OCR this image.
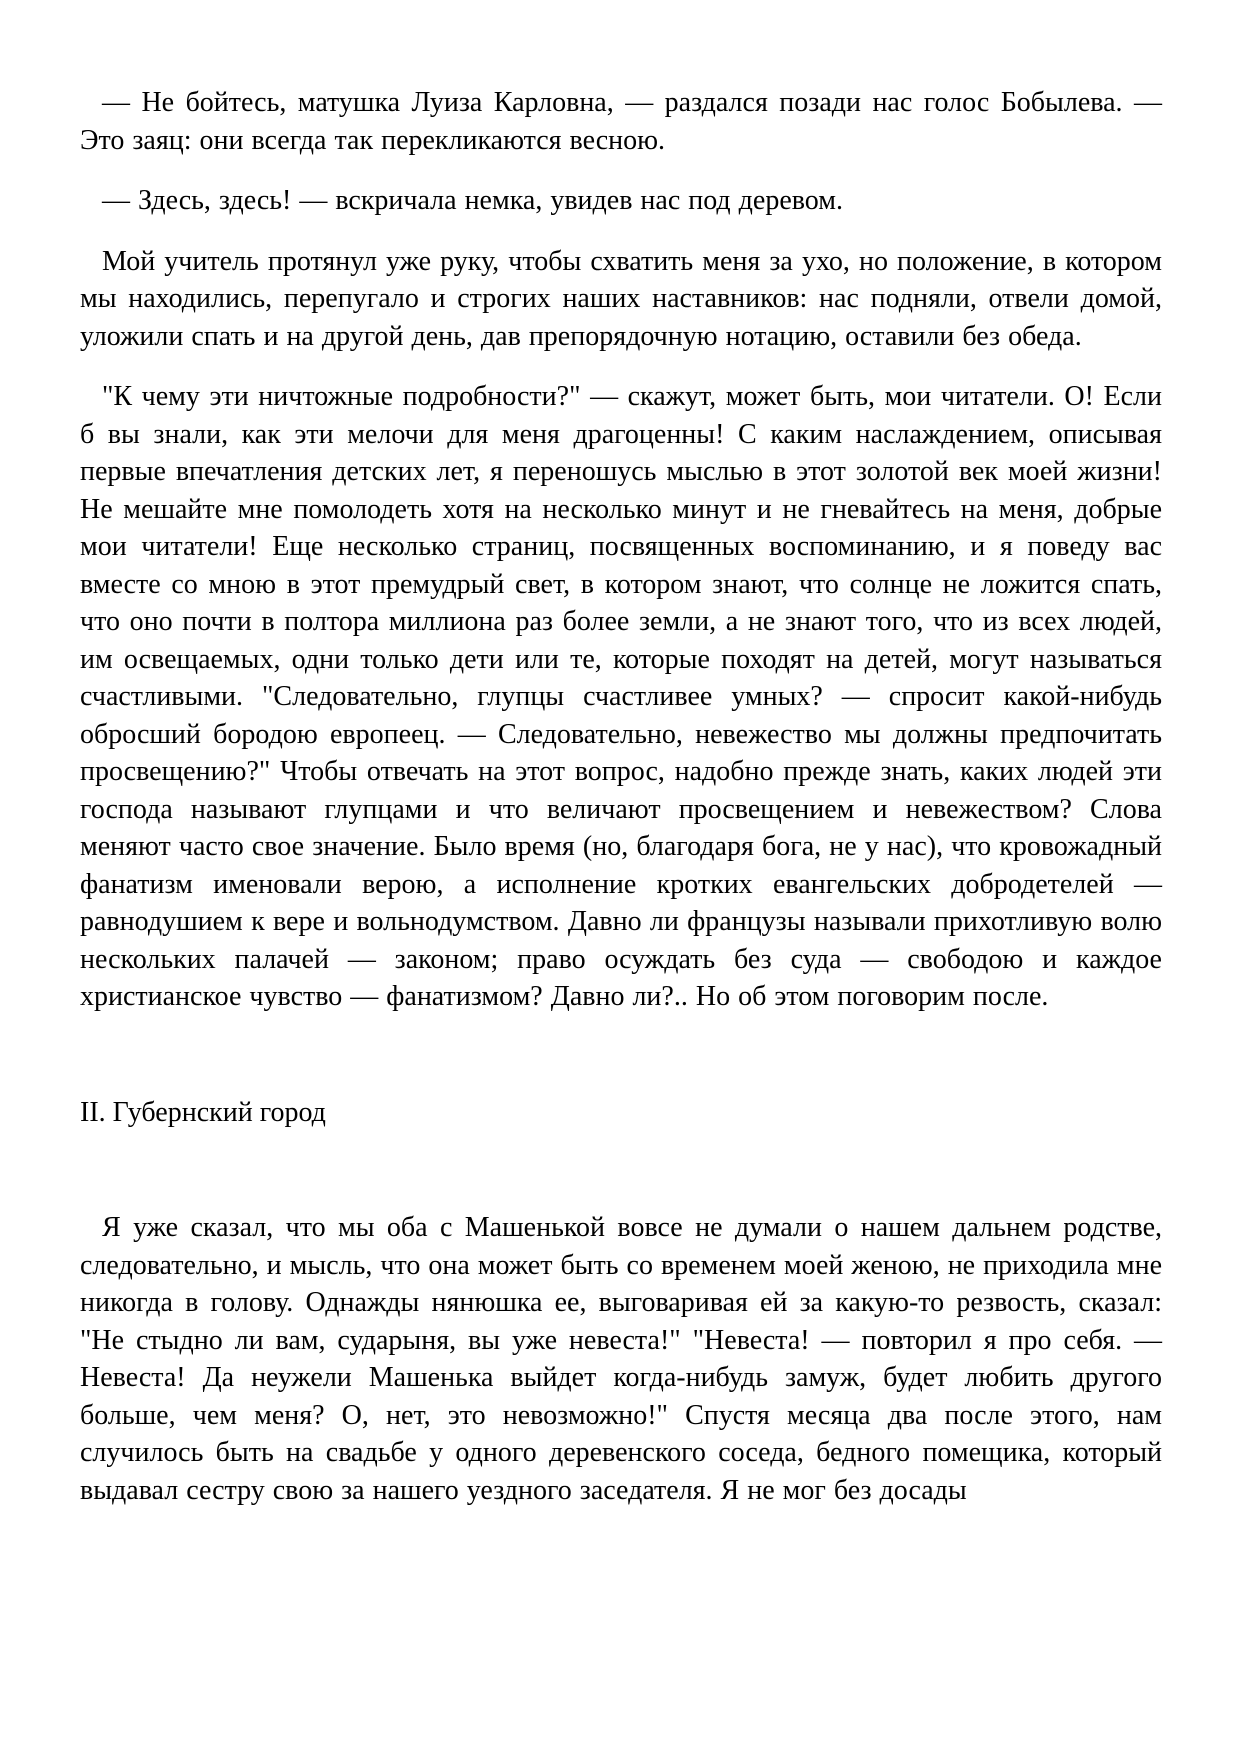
— Не бойтесь, матушка Луиза Карловна, — раздался позади нас голос Бобылева. — Это заяц: они всегда так перекликаются весною.

— Здесь, здесь! — вскричала немка, увидев нас под деревом.

Мой учитель протянул уже руку, чтобы схватить меня за ухо, но положение, в котором мы находились, перепугало и строгих наших наставников: нас подняли, отвели домой, уложили спать и на другой день, дав препорядочную нотацию, оставили без обеда.

"К чему эти ничтожные подробности?" — скажут, может быть, мои читатели. О! Если б вы знали, как эти мелочи для меня драгоценны! С каким наслаждением, описывая первые впечатления детских лет, я переношусь мыслью в этот золотой век моей жизни! Не мешайте мне помолодеть хотя на несколько минут и не гневайтесь на меня, добрые мои читатели! Еще несколько страниц, посвященных воспоминанию, и я поведу вас вместе со мною в этот премудрый свет, в котором знают, что солнце не ложится спать, что оно почти в полтора миллиона раз более земли, а не знают того, что из всех людей, им освещаемых, одни только дети или те, которые походят на детей, могут называться счастливыми. "Следовательно, глупцы счастливее умных? — спросит какой-нибудь обросший бородою европеец. — Следовательно, невежество мы должны предпочитать просвещению?" Чтобы отвечать на этот вопрос, надобно прежде знать, каких людей эти господа называют глупцами и что величают просвещением и невежеством? Слова меняют часто свое значение. Было время (но, благодаря бога, не у нас), что кровожадный фанатизм именовали верою, а исполнение кротких евангельских добродетелей — равнодушием к вере и вольнодумством. Давно ли французы называли прихотливую волю нескольких палачей — законом; право осуждать без суда — свободою и каждое христианское чувство — фанатизмом? Давно ли?.. Но об этом поговорим после.

II. Губернский город

Я уже сказал, что мы оба с Машенькой вовсе не думали о нашем дальнем родстве, следовательно, и мысль, что она может быть со временем моей женою, не приходила мне никогда в голову. Однажды нянюшка ее, выговаривая ей за какую-то резвость, сказал: "Не стыдно ли вам, сударыня, вы уже невеста!" "Невеста! — повторил я про себя. — Невеста! Да неужели Машенька выйдет когда-нибудь замуж, будет любить другого больше, чем меня? О, нет, это невозможно!" Спустя месяца два после этого, нам случилось быть на свадьбе у одного деревенского соседа, бедного помещика, который выдавал сестру свою за нашего уездного заседателя. Я не мог без досады
